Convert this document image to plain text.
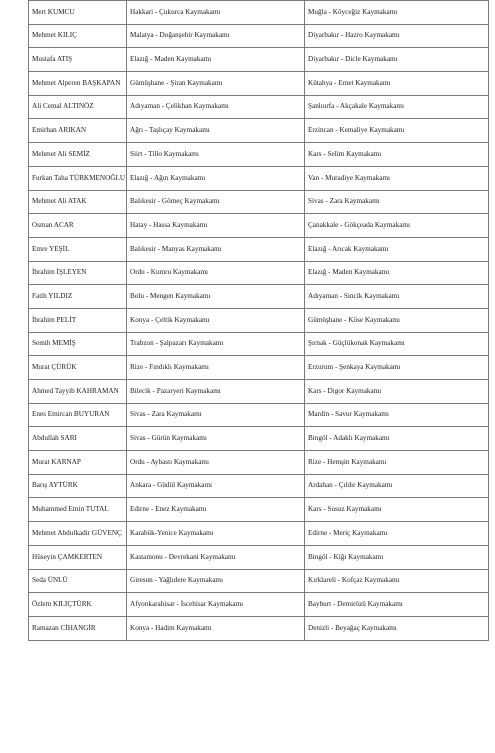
Mert KUMCU	Hakkari - Çukurca Kaymakamı	Muğla - Köyceğiz Kaymakamı
Mehmet KILIÇ	Malatya - Doğanşehir Kaymakamı	Diyarbakır - Hazro Kaymakamı
Mustafa ATIŞ	Elazığ - Maden Kaymakamı	Diyarbakır - Dicle Kaymakamı
Mehmet Alperen BAŞKAPAN	Gümüşhane - Şiran Kaymakamı	Kütahya - Emet Kaymakamı
Ali Cemal ALTINÖZ	Adıyaman - Çelikhan Kaymakamı	Şanlıurfa - Akçakale Kaymakamı
Emirhan ARIKAN	Ağrı - Taşlıçay Kaymakamı	Erzincan - Kemaliye Kaymakamı
Mehmet Ali SEMİZ	Siirt - Tillo Kaymakamı	Kars - Selim Kaymakamı
Furkan Taha TÜRKMENOĞLU	Elazığ - Ağın Kaymakamı	Van - Muradiye Kaymakamı
Mehmet Ali ATAK	Balıkesir - Gömeç Kaymakamı	Sivas - Zara Kaymakamı
Osman ACAR	Hatay - Hassa Kaymakamı	Çanakkale - Gökçeada Kaymakamı
Emre YEŞİL	Balıkesir - Manyas Kaymakamı	Elazığ - Arıcak Kaymakamı
İbrahim İŞLEYEN	Ordu - Kumru Kaymakamı	Elazığ - Maden Kaymakamı
Fatih YILDIZ	Bolu - Mengen Kaymakamı	Adıyaman - Sincik Kaymakamı
İbrahim PELİT	Konya - Çeltik Kaymakamı	Gümüşhane - Köse Kaymakamı
Semih MEMİŞ	Trabzon - Şalpazarı Kaymakamı	Şırnak - Güçlükonak Kaymakamı
Murat ÇÜRÜK	Rize - Fındıklı Kaymakamı	Erzurum - Şenkaya Kaymakamı
Ahmed Tayyib KAHRAMAN	Bilecik - Pazaryeri Kaymakamı	Kars - Digor Kaymakamı
Enes Emircan BUYURAN	Sivas - Zara Kaymakamı	Mardin - Savur Kaymakamı
Abdullah SARI	Sivas - Gürün Kaymakamı	Bingöl - Adaklı Kaymakamı
Murat KARNAP	Ordu - Aybastı Kaymakamı	Rize - Hemşin Kaymakamı
Barış AYTÜRK	Ankara - Güdül Kaymakamı	Ardahan - Çıldır Kaymakamı
Muhammed Emin TUTAL	Edirne - Enez Kaymakamı	Kars - Susuz Kaymakamı
Mehmet Abdulkadir GÜVENÇ	Karabük-Yenice Kaymakamı	Edirne - Meriç Kaymakamı
Hüseyin ÇAMKERTEN	Kastamonu - Devrekani Kaymakamı	Bingöl - Kiğı Kaymakamı
Seda ÜNLÜ	Giresun - Yağlıdere Kaymakamı	Kırklareli - Kofçaz Kaymakamı
Özlem KILIÇTÜRK	Afyonkarahisar - İscehisar Kaymakamı	Bayburt - Demirözü Kaymakamı
Ramazan CİHANGİR	Konya - Hadim Kaymakamı	Denizli - Beyağaç Kaymakamı
